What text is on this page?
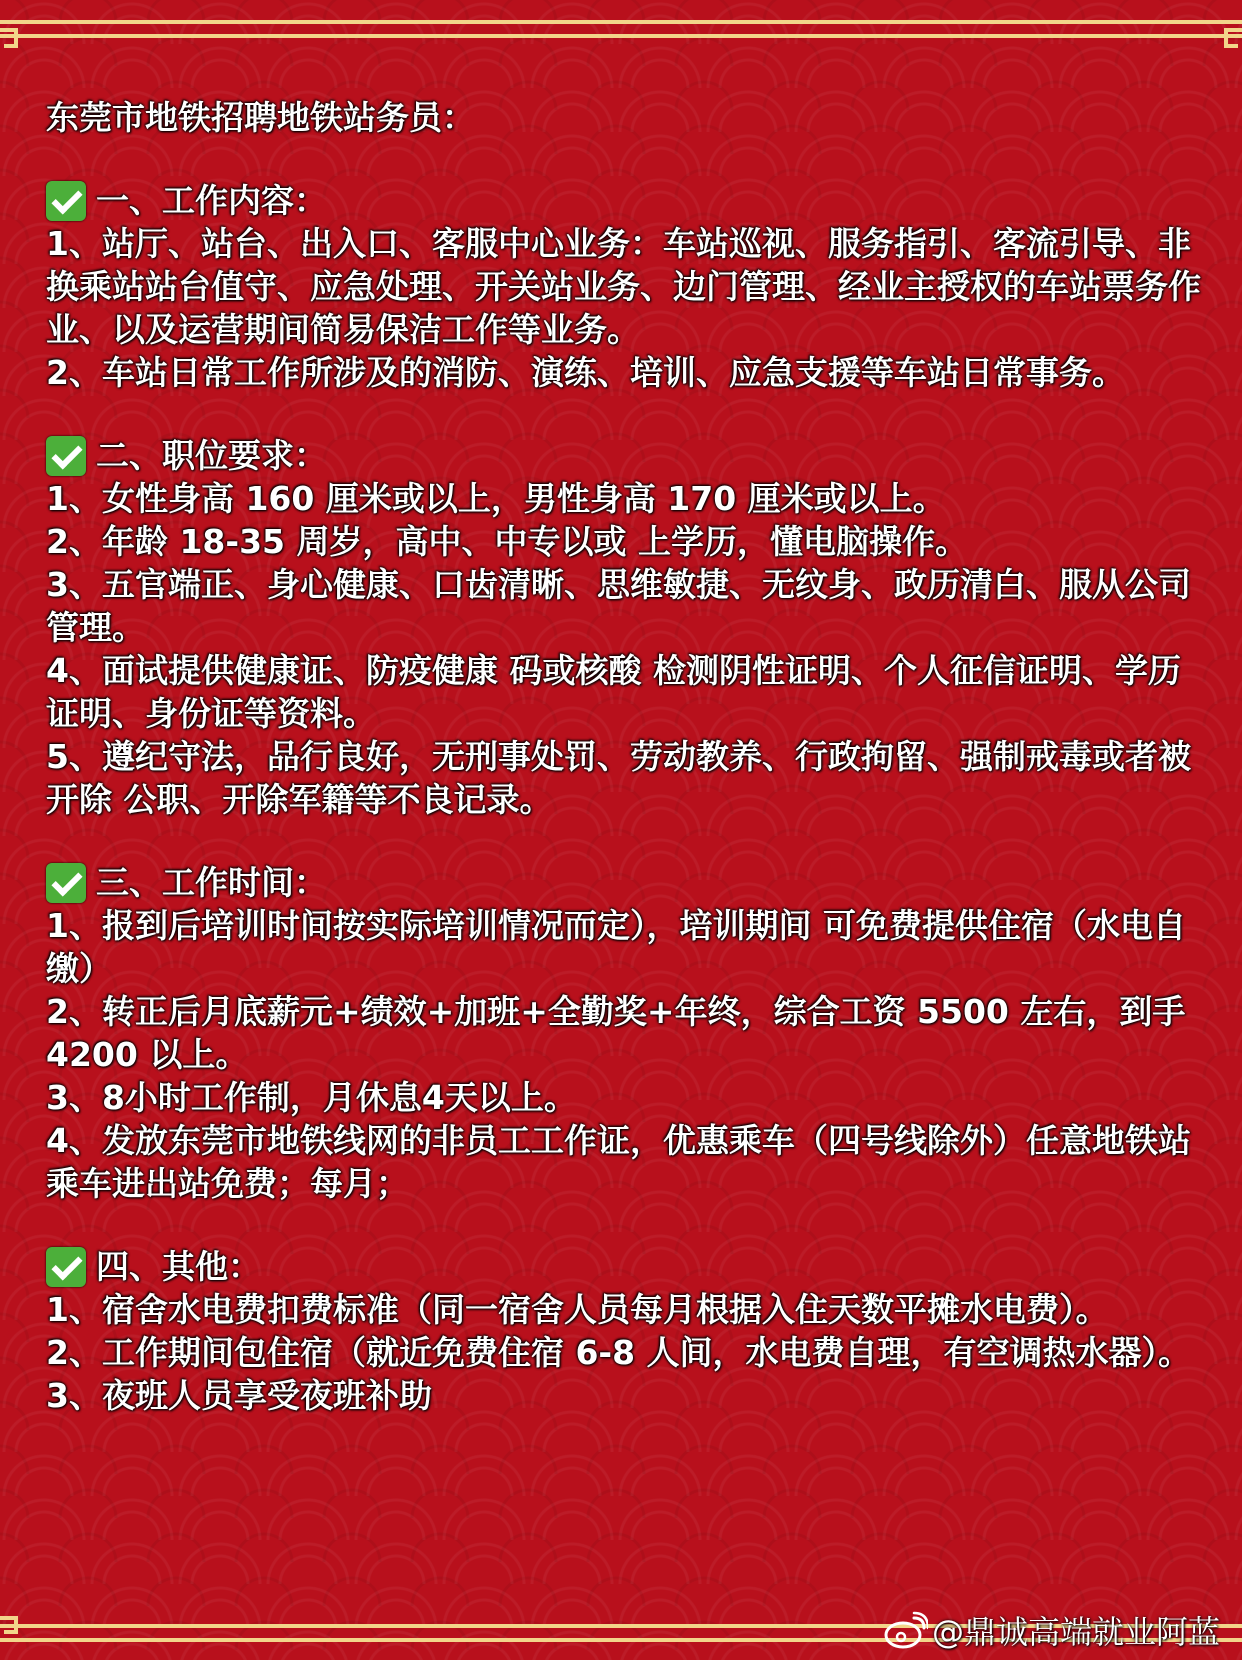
东莞市地铁招聘地铁站务员：

一、工作内容：

1、站厅、站台、出入口、客服中心业务：车站巡视、服务指引、客流引导、非换乘站站台值守、应急处理、开关站业务、边门管理、经业主授权的车站票务作业、以及运营期间简易保洁工作等业务。

2、车站日常工作所涉及的消防、演练、培训、应急支援等车站日常事务。

二、职位要求：

1、女性身高 160 厘米或以上，男性身高 170 厘米或以上。

2、年龄 18-35 周岁，高中、中专以或 上学历，懂电脑操作。

3、五官端正、身心健康、口齿清晰、思维敏捷、无纹身、政历清白、服从公司管理。

4、面试提供健康证、防疫健康 码或核酸 检测阴性证明、个人征信证明、学历证明、身份证等资料。

5、遵纪守法，品行良好，无刑事处罚、劳动教养、行政拘留、强制戒毒或者被开除 公职、开除军籍等不良记录。

三、工作时间：

1、报到后培训时间按实际培训情况而定），培训期间 可免费提供住宿（水电自缴）

2、转正后月底薪元+绩效+加班+全勤奖+年终，综合工资 5500 左右，到手4200 以上。

3、8小时工作制，月休息4天以上。

4、发放东莞市地铁线网的非员工工作证，优惠乘车（四号线除外）任意地铁站乘车进出站免费；每月；

四、其他：

1、宿舍水电费扣费标准（同一宿舍人员每月根据入住天数平摊水电费）。

2、工作期间包住宿（就近免费住宿 6-8 人间，水电费自理，有空调热水器）。

3、夜班人员享受夜班补助

@鼎诚高端就业阿蓝
